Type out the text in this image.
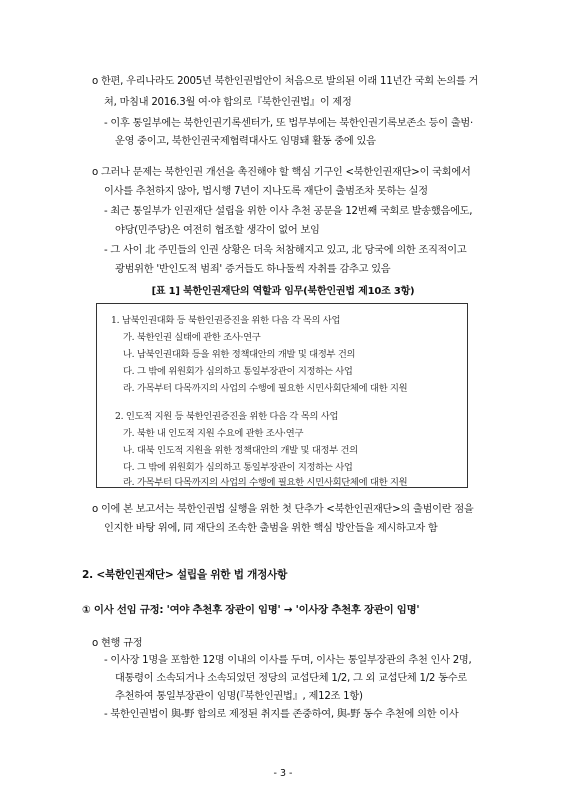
o 한편, 우리나라도 2005년 북한인권법안이 처음으로 발의된 이래 11년간 국회 논의를 거
쳐, 마침내 2016.3월 여·야 합의로『북한인권법』이 제정
- 이후 통일부에는 북한인권기록센터가, 또 법무부에는 북한인권기록보존소 등이 출범·
운영 중이고, 북한인권국제협력대사도 임명돼 활동 중에 있음
o 그러나 문제는 북한인권 개선을 촉진해야 할 핵심 기구인 <북한인권재단>이 국회에서
이사를 추천하지 않아, 법시행 7년이 지나도록 재단이 출범조차 못하는 실정
- 최근 통일부가 인권재단 설립을 위한 이사 추천 공문을 12번째 국회로 발송했음에도,
야당(민주당)은 여전히 협조할 생각이 없어 보임
[표 1] 북한인권재단의 역할과 임무(북한인권법 제10조 3항)
1. 남북인권대화 등 북한인권증진을 위한 다음 각 목의 사업
가. 북한인권 실태에 관한 조사·연구
나. 남북인권대화 등을 위한 정책대안의 개발 및 대정부 건의
다. 그 밖에 위원회가 심의하고 통일부장관이 지정하는 사업
라. 가목부터 다목까지의 사업의 수행에 필요한 시민사회단체에 대한 지원
2. 인도적 지원 등 북한인권증진을 위한 다음 각 목의 사업
가. 북한 내 인도적 지원 수요에 관한 조사·연구
나. 대북 인도적 지원을 위한 정책대안의 개발 및 대정부 건의
다. 그 밖에 위원회가 심의하고 통일부장관이 지정하는 사업
라. 가목부터 다목까지의 사업의 수행에 필요한 시민사회단체에 대한 지원
o 이에 본 보고서는 북한인권법 실행을 위한 첫 단추가 <북한인권재단>의 출범이란 점을
인지한 바탕 위에, 同 재단의 조속한 출범을 위한 핵심 방안들을 제시하고자 함
2. <북한인권재단> 설립을 위한 법 개정사항
① 이사 선임 규정: '여야 추천후 장관이 임명' → '이사장 추천후 장관이 임명'
o 현행 규정
- 이사장 1명을 포함한 12명 이내의 이사를 두며, 이사는 통일부장관의 추천 인사 2명,
대통령이 소속되거나 소속되었던 정당의 교섭단체 1/2, 그 외 교섭단체 1/2 동수로
추천하여 통일부장관이 임명(『북한인권법』, 제12조 1항)
- 북한인권법이 與-野 합의로 제정된 취지를 존중하여, 與-野 동수 추천에 의한 이사
- 3 -
- 그 사이 北 주민들의 인권 상황은 더욱 처참해지고 있고, 北 당국에 의한 조직적이고
광범위한 '반인도적 범죄' 증거들도 하나둘씩 자취를 감추고 있음
